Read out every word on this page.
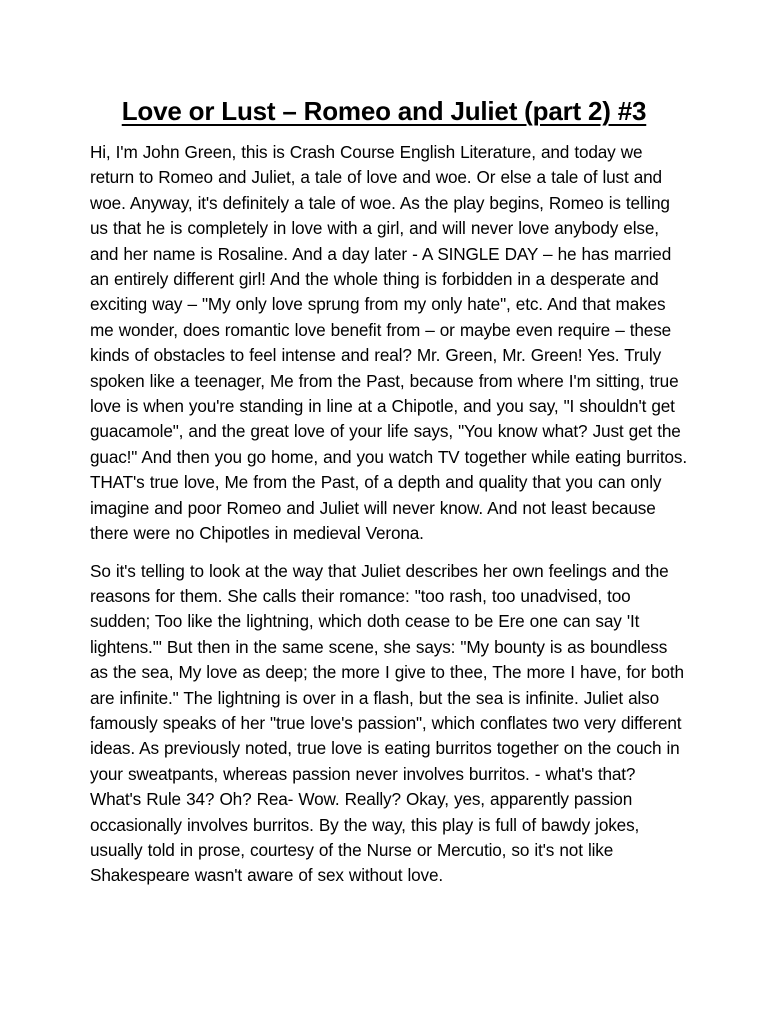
Love or Lust – Romeo and Juliet (part 2) #3

Hi, I'm John Green, this is Crash Course English Literature, and today we return to Romeo and Juliet, a tale of love and woe. Or else a tale of lust and woe. Anyway, it's definitely a tale of woe. As the play begins, Romeo is telling us that he is completely in love with a girl, and will never love anybody else, and her name is Rosaline. And a day later - A SINGLE DAY – he has married an entirely different girl! And the whole thing is forbidden in a desperate and exciting way – "My only love sprung from my only hate", etc. And that makes me wonder, does romantic love benefit from – or maybe even require – these kinds of obstacles to feel intense and real? Mr. Green, Mr. Green! Yes. Truly spoken like a teenager, Me from the Past, because from where I'm sitting, true love is when you're standing in line at a Chipotle, and you say, "I shouldn't get guacamole", and the great love of your life says, "You know what? Just get the guac!" And then you go home, and you watch TV together while eating burritos. THAT's true love, Me from the Past, of a depth and quality that you can only imagine and poor Romeo and Juliet will never know. And not least because there were no Chipotles in medieval Verona.

So it's telling to look at the way that Juliet describes her own feelings and the reasons for them. She calls their romance: "too rash, too unadvised, too sudden; Too like the lightning, which doth cease to be Ere one can say 'It lightens.'" But then in the same scene, she says: "My bounty is as boundless as the sea, My love as deep; the more I give to thee, The more I have, for both are infinite." The lightning is over in a flash, but the sea is infinite. Juliet also famously speaks of her "true love's passion", which conflates two very different ideas. As previously noted, true love is eating burritos together on the couch in your sweatpants, whereas passion never involves burritos. - what's that? What's Rule 34? Oh? Rea- Wow. Really? Okay, yes, apparently passion occasionally involves burritos. By the way, this play is full of bawdy jokes, usually told in prose, courtesy of the Nurse or Mercutio, so it's not like Shakespeare wasn't aware of sex without love.
